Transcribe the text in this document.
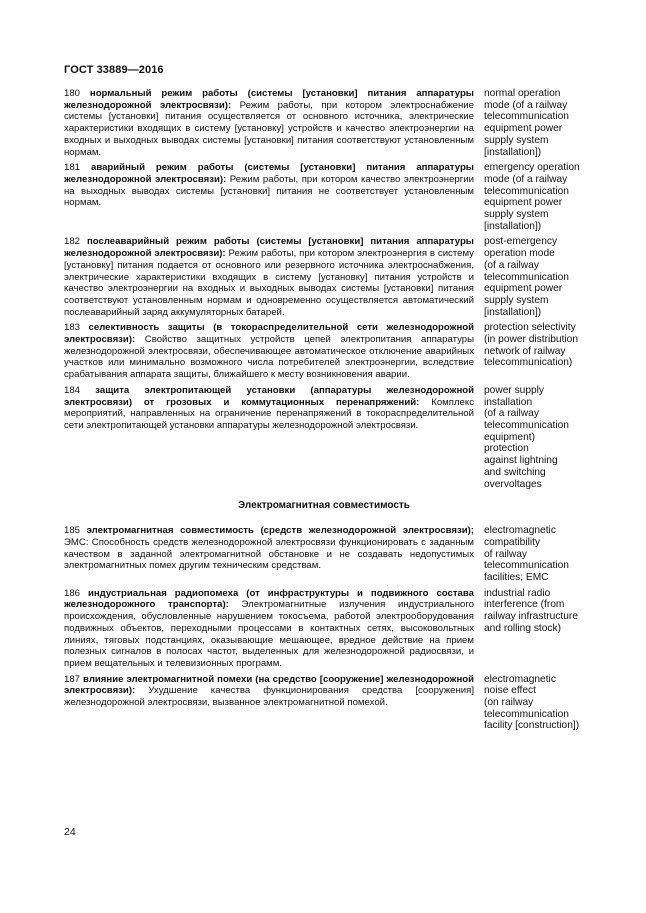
ГОСТ 33889—2016
180 нормальный режим работы (системы [установки] питания аппаратуры железнодорожной электросвязи): Режим работы, при котором электроснабжение системы [установки] питания осуществляется от основного источника, электрические характеристики входящих в систему [установку] устройств и качество электроэнергии на входных и выходных выводах системы [установки] питания соответствуют установленным нормам.
normal operation
mode (of a railway
telecommunication
equipment power
supply system
[installation])
181 аварийный режим работы (системы [установки] питания аппаратуры железнодорожной электросвязи): Режим работы, при котором качество электроэнергии на выходных выводах системы [установки] питания не соответствует установленным нормам.
emergency operation
mode (of a railway
telecommunication
equipment power
supply system
[installation])
182 послеаварийный режим работы (системы [установки] питания аппаратуры железнодорожной электросвязи): Режим работы, при котором электроэнергия в систему [установку] питания подается от основного или резервного источника электроснабжения, электрические характеристики входящих в систему [установку] питания устройств и качество электроэнергии на входных и выходных выводах системы [установки] питания соответствуют установленным нормам и одновременно осуществляется автоматический послеаварийный заряд аккумуляторных батарей.
post-emergency
operation mode
(of a railway
telecommunication
equipment power
supply system
[installation])
183 селективность защиты (в токораспределительной сети железнодорожной электросвязи): Свойство защитных устройств цепей электропитания аппаратуры железнодорожной электросвязи, обеспечивающее автоматическое отключение аварийных участков или минимально возможного числа потребителей электроэнергии, вследствие срабатывания аппарата защиты, ближайшего к месту возникновения аварии.
protection selectivity
(in power distribution
network of railway
telecommunication)
184 защита электропитающей установки (аппаратуры железнодорожной электросвязи) от грозовых и коммутационных перенапряжений: Комплекс мероприятий, направленных на ограничение перенапряжений в токораспределительной сети электропитающей установки аппаратуры железнодорожной электросвязи.
power supply
installation
(of a railway
telecommunication
equipment)
protection
against lightning
and switching
overvoltages
Электромагнитная совместимость
185 электромагнитная совместимость (средств железнодорожной электросвязи); ЭМС: Способность средств железнодорожной электросвязи функционировать с заданным качеством в заданной электромагнитной обстановке и не создавать недопустимых электромагнитных помех другим техническим средствам.
electromagnetic
compatibility
of railway
telecommunication
facilities; EMC
186 индустриальная радиопомеха (от инфраструктуры и подвижного состава железнодорожного транспорта): Электромагнитные излучения индустриального происхождения, обусловленные нарушением токосъема, работой электрооборудования подвижных объектов, переходными процессами в контактных сетях, высоковольтных линиях, тяговых подстанциях, оказывающие мешающее, вредное действие на прием полезных сигналов в полосах частот, выделенных для железнодорожной радиосвязи, и прием вещательных и телевизионных программ.
industrial radio
interference (from
railway infrastructure
and rolling stock)
187 влияние электромагнитной помехи (на средство [сооружение] железнодорожной электросвязи): Ухудшение качества функционирования средства [сооружения] железнодорожной электросвязи, вызванное электромагнитной помехой.
electromagnetic
noise effect
(on railway
telecommunication
facility [construction])
24
